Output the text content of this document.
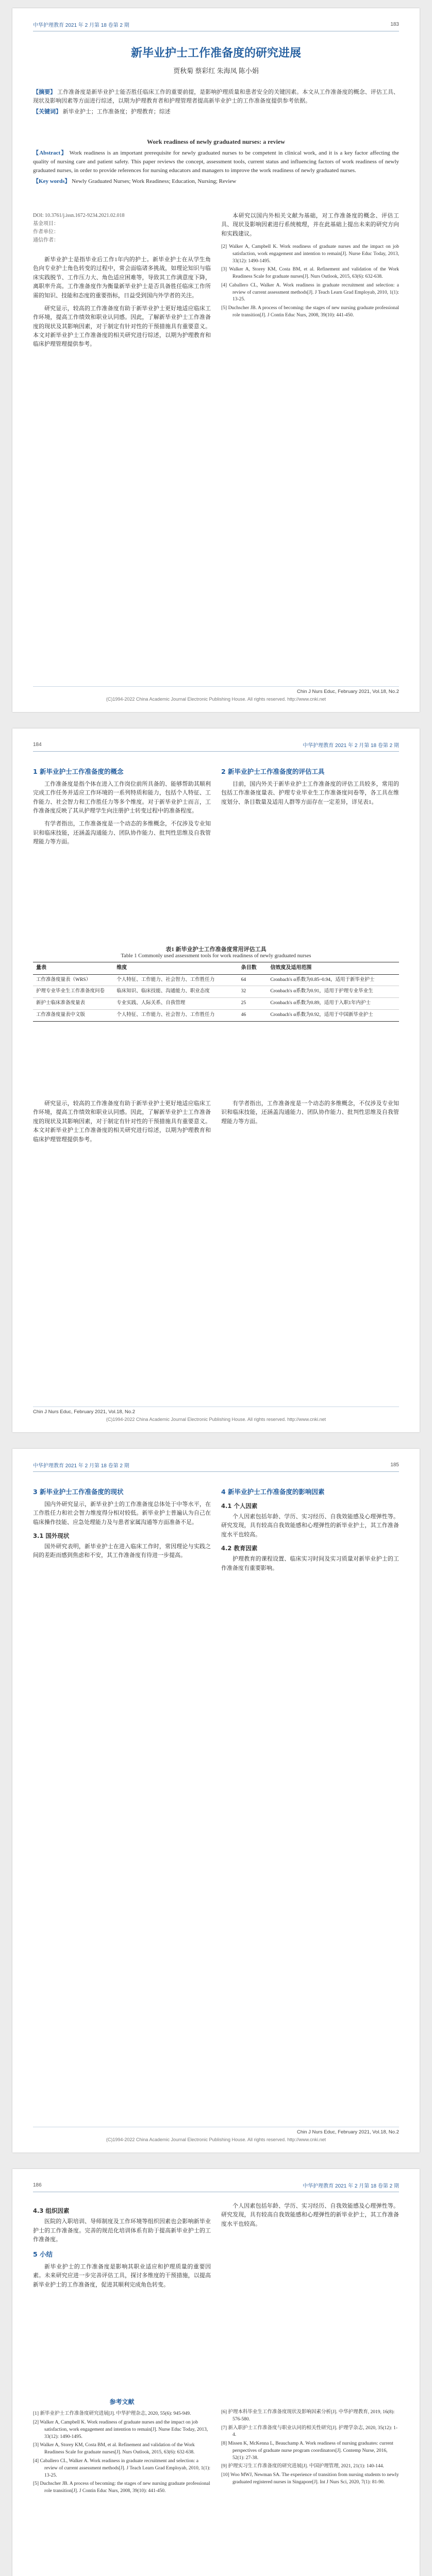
中华护理教育 2021 年 2 月第 18 卷第 2 期	183
新毕业护士工作准备度的研究进展
贾秋菊 蔡彩红 朱海凤 陈小娟
【摘要】 工作准备度是新毕业护士能否胜任临床工作的重要前提，是影响护理质量和患者安全的关键因素。本文从工作准备度的概念、评估工具、现状及影响因素等方面进行综述，以期为护理教育者和护理管理者提高新毕业护士的工作准备度提供参考依据。
【关键词】 新毕业护士；工作准备度；护理教育；综述
Work readiness of newly graduated nurses: a review
【Abstract】 Work readiness is an important prerequisite for newly graduated nurses to be competent in clinical work, and it is a key factor affecting the quality of nursing care and patient safety. This paper reviews the concept, assessment tools, current status and influencing factors of work readiness of newly graduated nurses, in order to provide references for nursing educators and managers to improve the work readiness of newly graduated nurses.
【Key words】 Newly Graduated Nurses; Work Readiness; Education, Nursing; Review
DOI: 10.3761/j.issn.1672-9234.2021.02.018
基金项目：
作者单位：
通信作者：

新毕业护士是指毕业后工作1年内的护士。新毕业护士在从学生角色向专业护士角色转变的过程中，常会面临诸多挑战，如理论知识与临床实践脱节、工作压力大、角色适应困难等，导致其工作满意度下降，离职率升高。工作准备度作为衡量新毕业护士是否具备胜任临床工作所需的知识、技能和态度的重要指标，日益受到国内外学者的关注。

研究显示，较高的工作准备度有助于新毕业护士更好地适应临床工作环境，提高工作绩效和职业认同感。因此，了解新毕业护士工作准备度的现状及其影响因素，对于制定有针对性的干预措施具有重要意义。本文对新毕业护士工作准备度的相关研究进行综述，以期为护理教育和临床护理管理提供参考。

本研究以国内外相关文献为基础，对工作准备度的概念、评估工具、现状及影响因素进行系统梳理，并在此基础上提出未来的研究方向和实践建议。

[2] Walker A, Campbell K. Work readiness of graduate nurses and the impact on job satisfaction, work engagement and intention to remain[J]. Nurse Educ Today, 2013, 33(12): 1490-1495.
[3] Walker A, Storey KM, Costa BM, et al. Refinement and validation of the Work Readiness Scale for graduate nurses[J]. Nurs Outlook, 2015, 63(6): 632-638.
[4] Caballero CL, Walker A. Work readiness in graduate recruitment and selection: a review of current assessment methods[J]. J Teach Learn Grad Employab, 2010, 1(1): 13-25.
[5] Duchscher JB. A process of becoming: the stages of new nursing graduate professional role transition[J]. J Contin Educ Nurs, 2008, 39(10): 441-450.
Chin J Nurs Educ, February 2021, Vol.18, No.2
(C)1994-2022 China Academic Journal Electronic Publishing House. All rights reserved. http://www.cnki.net
184	中华护理教育 2021 年 2 月第 18 卷第 2 期
1 新毕业护士工作准备度的概念

工作准备度是指个体在进入工作岗位前所具备的、能够帮助其顺利完成工作任务并适应工作环境的一系列特质和能力，包括个人特征、工作能力、社会智力和工作胜任力等多个维度。对于新毕业护士而言，工作准备度反映了其从护理学生向注册护士转变过程中的准备程度。

有学者指出，工作准备度是一个动态的多维概念，不仅涉及专业知识和临床技能，还涵盖沟通能力、团队协作能力、批判性思维及自我管理能力等方面。

2 新毕业护士工作准备度的评估工具

目前，国内外关于新毕业护士工作准备度的评估工具较多，常用的包括工作准备度量表、护理专业毕业生工作准备度问卷等，各工具在维度划分、条目数量及适用人群等方面存在一定差异，详见表1。

表1 新毕业护士工作准备度常用评估工具
Table 1 Commonly used assessment tools for work readiness of newly graduated nurses
量表	维度	条目数	信效度及适用范围
工作准备度量表（WRS）	个人特征、工作能力、社会智力、工作胜任力	64	Cronbach's α系数为0.85~0.94，适用于新毕业护士
护理专业毕业生工作准备度问卷	临床知识、临床技能、沟通能力、职业态度	32	Cronbach's α系数为0.91，适用于护理专业毕业生
新护士临床准备度量表	专业实践、人际关系、自我管理	25	Cronbach's α系数为0.89，适用于入职1年内护士
工作准备度量表中文版	个人特征、工作能力、社会智力、工作胜任力	46	Cronbach's α系数为0.92，适用于中国新毕业护士

研究显示，较高的工作准备度有助于新毕业护士更好地适应临床工作环境，提高工作绩效和职业认同感。因此，了解新毕业护士工作准备度的现状及其影响因素，对于制定有针对性的干预措施具有重要意义。本文对新毕业护士工作准备度的相关研究进行综述，以期为护理教育和临床护理管理提供参考。

有学者指出，工作准备度是一个动态的多维概念，不仅涉及专业知识和临床技能，还涵盖沟通能力、团队协作能力、批判性思维及自我管理能力等方面。

Chin J Nurs Educ, February 2021, Vol.18, No.2
(C)1994-2022 China Academic Journal Electronic Publishing House. All rights reserved. http://www.cnki.net
中华护理教育 2021 年 2 月第 18 卷第 2 期	185
3 新毕业护士工作准备度的现状

国内外研究显示，新毕业护士的工作准备度总体处于中等水平，在工作胜任力和社会智力维度得分相对较低。新毕业护士普遍认为自己在临床操作技能、应急处理能力及与患者家属沟通等方面准备不足。

3.1 国外现状

国外研究表明，新毕业护士在进入临床工作时，常因理论与实践之间的差距而感到焦虑和不安，其工作准备度有待进一步提高。

4 新毕业护士工作准备度的影响因素
4.1 个人因素

个人因素包括年龄、学历、实习经历、自我效能感及心理弹性等。研究发现，具有较高自我效能感和心理弹性的新毕业护士，其工作准备度水平也较高。

4.2 教育因素

护理教育的课程设置、临床实习时间及实习质量对新毕业护士的工作准备度有重要影响。

Chin J Nurs Educ, February 2021, Vol.18, No.2
(C)1994-2022 China Academic Journal Electronic Publishing House. All rights reserved. http://www.cnki.net
186	中华护理教育 2021 年 2 月第 18 卷第 2 期
4.3 组织因素

医院的入职培训、导师制度及工作环境等组织因素也会影响新毕业护士的工作准备度。完善的规范化培训体系有助于提高新毕业护士的工作准备度。

5 小结

新毕业护士的工作准备度是影响其职业适应和护理质量的重要因素。未来研究应进一步完善评估工具，探讨多维度的干预措施，以提高新毕业护士的工作准备度，促进其顺利完成角色转变。

个人因素包括年龄、学历、实习经历、自我效能感及心理弹性等。研究发现，具有较高自我效能感和心理弹性的新毕业护士，其工作准备度水平也较高。

参考文献
[1] 新毕业护士工作准备度研究进展[J]. 中华护理杂志, 2020, 55(6): 945-949.
[2] Walker A, Campbell K. Work readiness of graduate nurses and the impact on job satisfaction, work engagement and intention to remain[J]. Nurse Educ Today, 2013, 33(12): 1490-1495.
[3] Walker A, Storey KM, Costa BM, et al. Refinement and validation of the Work Readiness Scale for graduate nurses[J]. Nurs Outlook, 2015, 63(6): 632-638.
[4] Caballero CL, Walker A. Work readiness in graduate recruitment and selection: a review of current assessment methods[J]. J Teach Learn Grad Employab, 2010, 1(1): 13-25.
[5] Duchscher JB. A process of becoming: the stages of new nursing graduate professional role transition[J]. J Contin Educ Nurs, 2008, 39(10): 441-450.
[6] 护理本科毕业生工作准备度现状及影响因素分析[J]. 中华护理教育, 2019, 16(8): 576-580.
[7] 新入职护士工作准备度与职业认同的相关性研究[J]. 护理学杂志, 2020, 35(12): 1-4.
[8] Missen K, McKenna L, Beauchamp A. Work readiness of nursing graduates: current perspectives of graduate nurse program coordinators[J]. Contemp Nurse, 2016, 52(1): 27-38.
[9] 护理实习生工作准备度的研究进展[J]. 中国护理管理, 2021, 21(1): 140-144.
[10] Woo MWJ, Newman SA. The experience of transition from nursing students to newly graduated registered nurses in Singapore[J]. Int J Nurs Sci, 2020, 7(1): 81-90.
